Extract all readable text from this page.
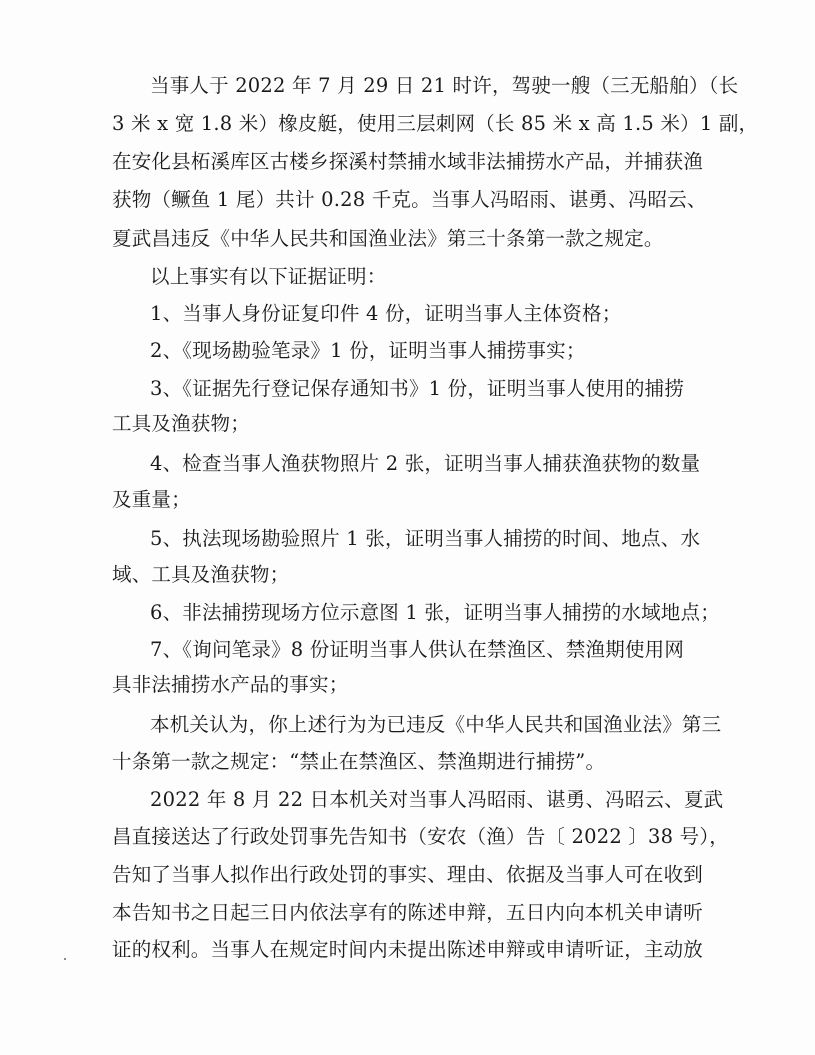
当事人于 2022 年 7 月 29 日 21 时许，驾驶一艘（三无船舶）（长
3 米 x 宽 1.8 米）橡皮艇，使用三层刺网（长 85 米 x 高 1.5 米）1 副，
在安化县柘溪库区古楼乡探溪村禁捕水域非法捕捞水产品，并捕获渔
获物（鳜鱼 1 尾）共计 0.28 千克。当事人冯昭雨、谌勇、冯昭云、
夏武昌违反《中华人民共和国渔业法》第三十条第一款之规定。
以上事实有以下证据证明：
1、当事人身份证复印件 4 份，证明当事人主体资格；
2、《现场勘验笔录》1 份，证明当事人捕捞事实；
3、《证据先行登记保存通知书》1 份，证明当事人使用的捕捞
工具及渔获物；
4、检查当事人渔获物照片 2 张，证明当事人捕获渔获物的数量
及重量；
5、执法现场勘验照片 1 张，证明当事人捕捞的时间、地点、水
域、工具及渔获物；
6、非法捕捞现场方位示意图 1 张，证明当事人捕捞的水域地点；
7、《询问笔录》8 份证明当事人供认在禁渔区、禁渔期使用网
具非法捕捞水产品的事实；
本机关认为，你上述行为为已违反《中华人民共和国渔业法》第三
十条第一款之规定：“禁止在禁渔区、禁渔期进行捕捞”。
2022 年 8 月 22 日本机关对当事人冯昭雨、谌勇、冯昭云、夏武
昌直接送达了行政处罚事先告知书（安农（渔）告〔 2022 〕38 号），
告知了当事人拟作出行政处罚的事实、理由、依据及当事人可在收到
本告知书之日起三日内依法享有的陈述申辩，五日内向本机关申请听
证的权利。当事人在规定时间内未提出陈述申辩或申请听证，主动放
